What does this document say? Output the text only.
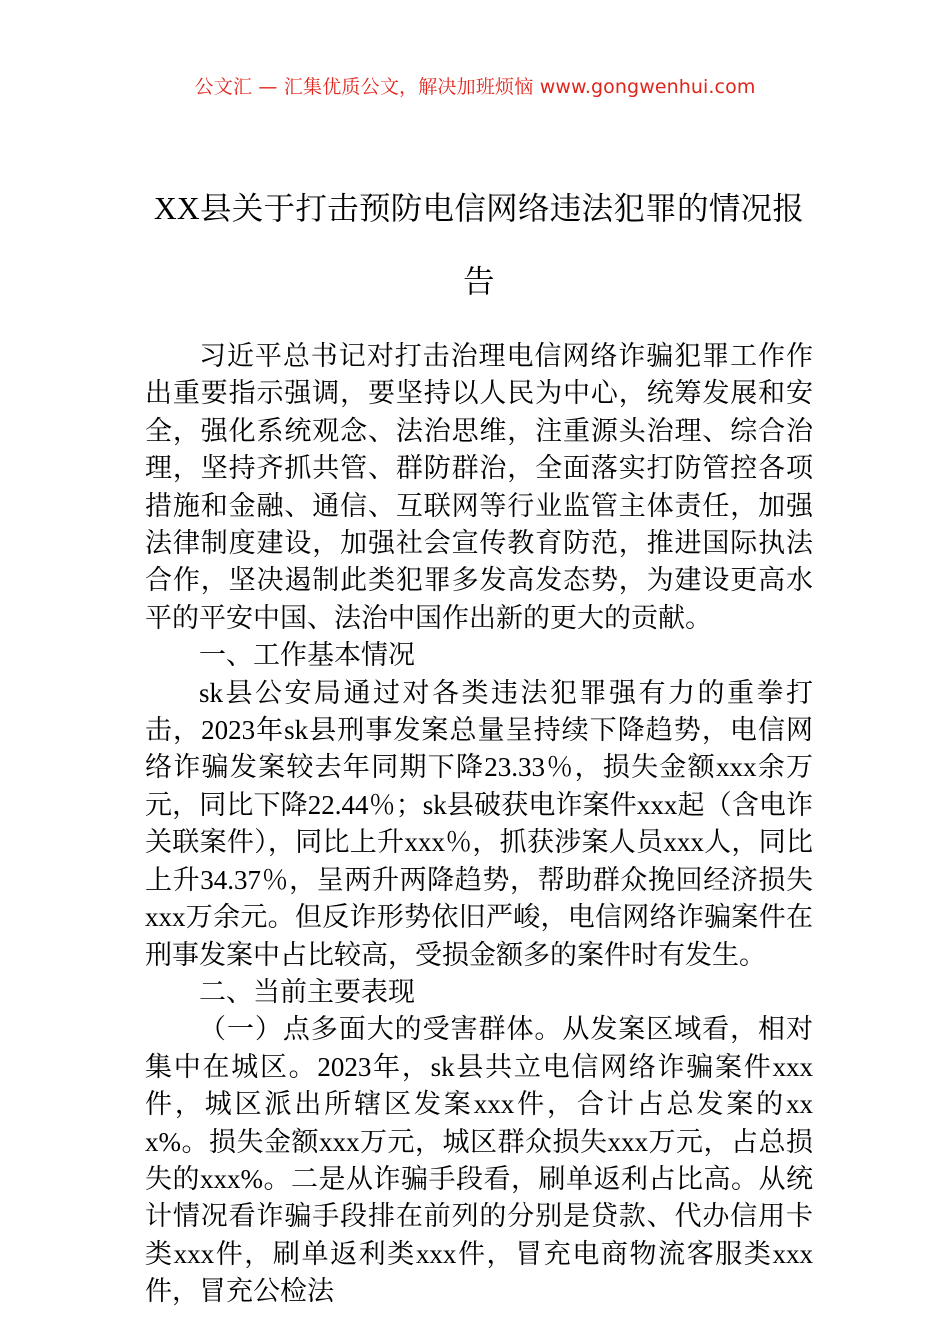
公文汇 — 汇集优质公文，解决加班烦恼 www.gongwenhui.com
XX县关于打击预防电信网络违法犯罪的情况报告

习近平总书记对打击治理电信网络诈骗犯罪工作作出重要指示强调，要坚持以人民为中心，统筹发展和安全，强化系统观念、法治思维，注重源头治理、综合治理，坚持齐抓共管、群防群治，全面落实打防管控各项措施和金融、通信、互联网等行业监管主体责任，加强法律制度建设，加强社会宣传教育防范，推进国际执法合作，坚决遏制此类犯罪多发高发态势，为建设更高水平的平安中国、法治中国作出新的更大的贡献。

一、工作基本情况

sk县公安局通过对各类违法犯罪强有力的重拳打击，2023年sk县刑事发案总量呈持续下降趋势，电信网络诈骗发案较去年同期下降23.33％，损失金额xxx余万元，同比下降22.44％；sk县破获电诈案件xxx起（含电诈关联案件），同比上升xxx％，抓获涉案人员xxx人，同比上升34.37％，呈两升两降趋势，帮助群众挽回经济损失xxx万余元。但反诈形势依旧严峻，电信网络诈骗案件在刑事发案中占比较高，受损金额多的案件时有发生。

二、当前主要表现

（一）点多面大的受害群体。从发案区域看，相对集中在城区。2023年，sk县共立电信网络诈骗案件xxx件，城区派出所辖区发案xxx件，合计占总发案的xxx%。损失金额xxx万元，城区群众损失xxx万元，占总损失的xxx%。二是从诈骗手段看，刷单返利占比高。从统计情况看诈骗手段排在前列的分别是贷款、代办信用卡类xxx件，刷单返利类xxx件，冒充电商物流客服类xxx件，冒充公检法
